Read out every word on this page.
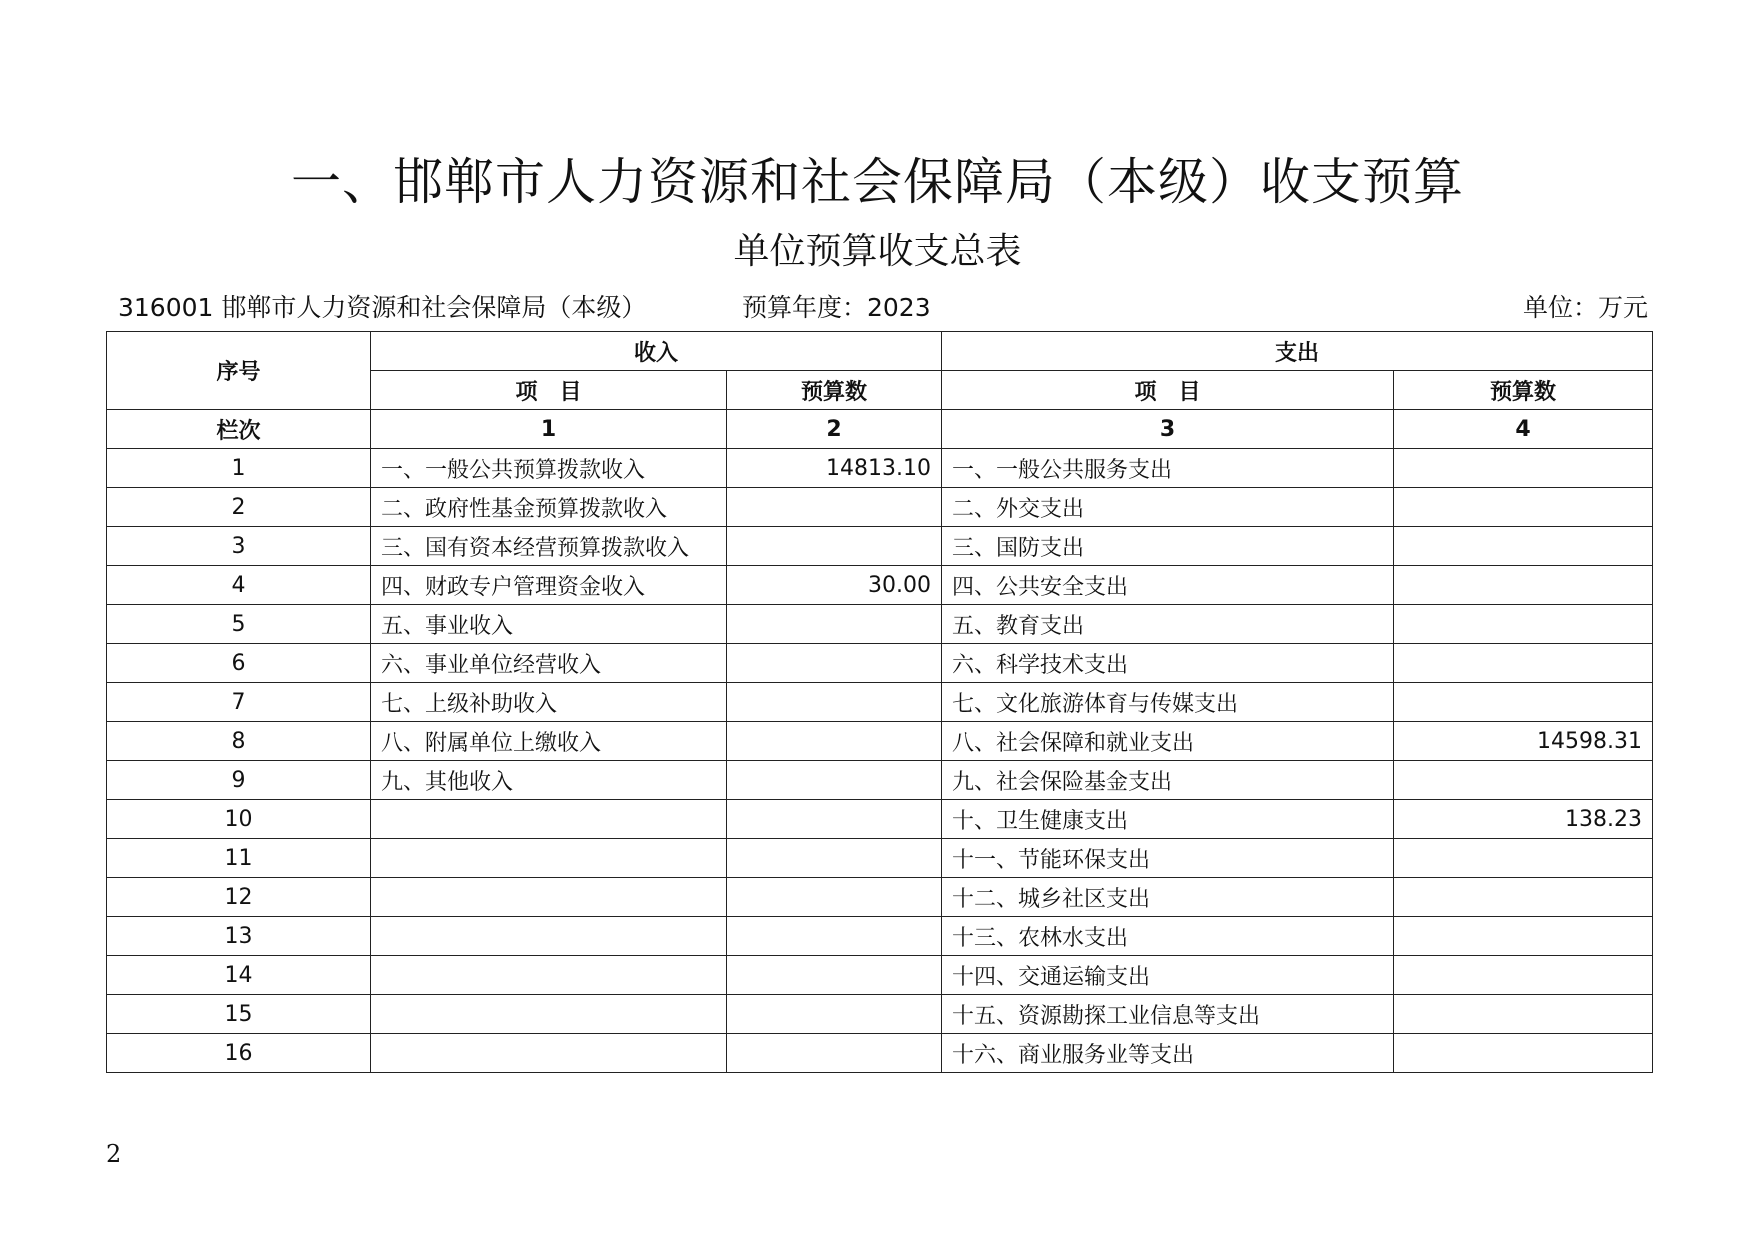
一、邯郸市人力资源和社会保障局（本级）收支预算
单位预算收支总表
316001 邯郸市人力资源和社会保障局（本级）	预算年度：2023	单位：万元
序号	收入		支出	
	项　目	预算数	项　目	预算数
栏次	1	2	3	4
1	一、一般公共预算拨款收入	14813.10	一、一般公共服务支出	
2	二、政府性基金预算拨款收入		二、外交支出	
3	三、国有资本经营预算拨款收入		三、国防支出	
4	四、财政专户管理资金收入	30.00	四、公共安全支出	
5	五、事业收入		五、教育支出	
6	六、事业单位经营收入		六、科学技术支出	
7	七、上级补助收入		七、文化旅游体育与传媒支出	
8	八、附属单位上缴收入		八、社会保障和就业支出	14598.31
9	九、其他收入		九、社会保险基金支出	
10			十、卫生健康支出	138.23
11			十一、节能环保支出	
12			十二、城乡社区支出	
13			十三、农林水支出	
14			十四、交通运输支出	
15			十五、资源勘探工业信息等支出	
16			十六、商业服务业等支出	
2
